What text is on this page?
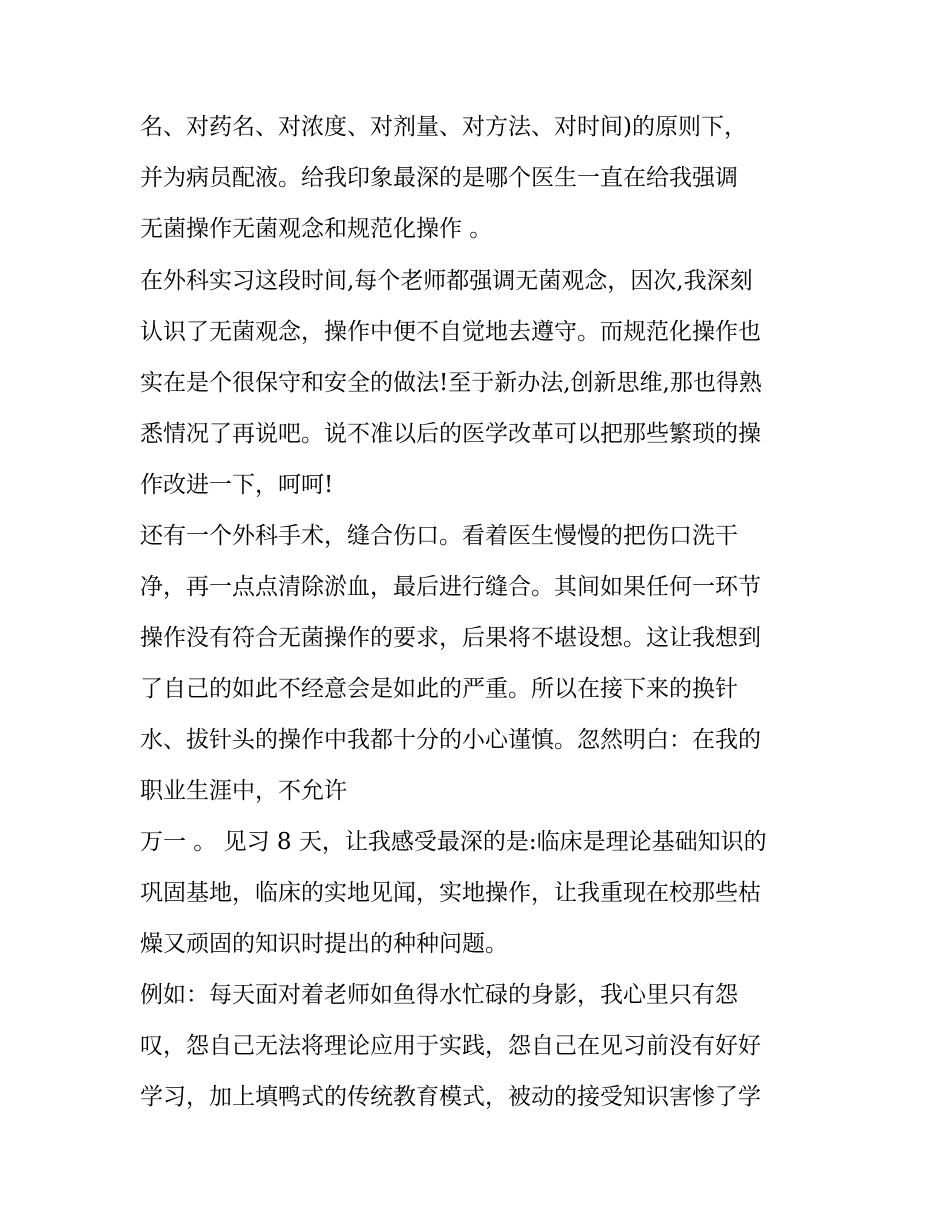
名、对药名、对浓度、对剂量、对方法、对时间)的原则下，
并为病员配液。给我印象最深的是哪个医生一直在给我强调
无菌操作无菌观念和规范化操作 。
在外科实习这段时间,每个老师都强调无菌观念，因次,我深刻
认识了无菌观念，操作中便不自觉地去遵守。而规范化操作也
实在是个很保守和安全的做法!至于新办法,创新思维,那也得熟
悉情况了再说吧。说不准以后的医学改革可以把那些繁琐的操
作改进一下，呵呵!
还有一个外科手术，缝合伤口。看着医生慢慢的把伤口洗干
净，再一点点清除淤血，最后进行缝合。其间如果任何一环节
操作没有符合无菌操作的要求，后果将不堪设想。这让我想到
了自己的如此不经意会是如此的严重。所以在接下来的换针
水、拔针头的操作中我都十分的小心谨慎。忽然明白：在我的
职业生涯中，不允许
万一 。 见习 8 天，让我感受最深的是:临床是理论基础知识的
巩固基地，临床的实地见闻，实地操作，让我重现在校那些枯
燥又顽固的知识时提出的种种问题。
例如：每天面对着老师如鱼得水忙碌的身影，我心里只有怨
叹，怨自己无法将理论应用于实践，怨自己在见习前没有好好
学习，加上填鸭式的传统教育模式，被动的接受知识害惨了学
